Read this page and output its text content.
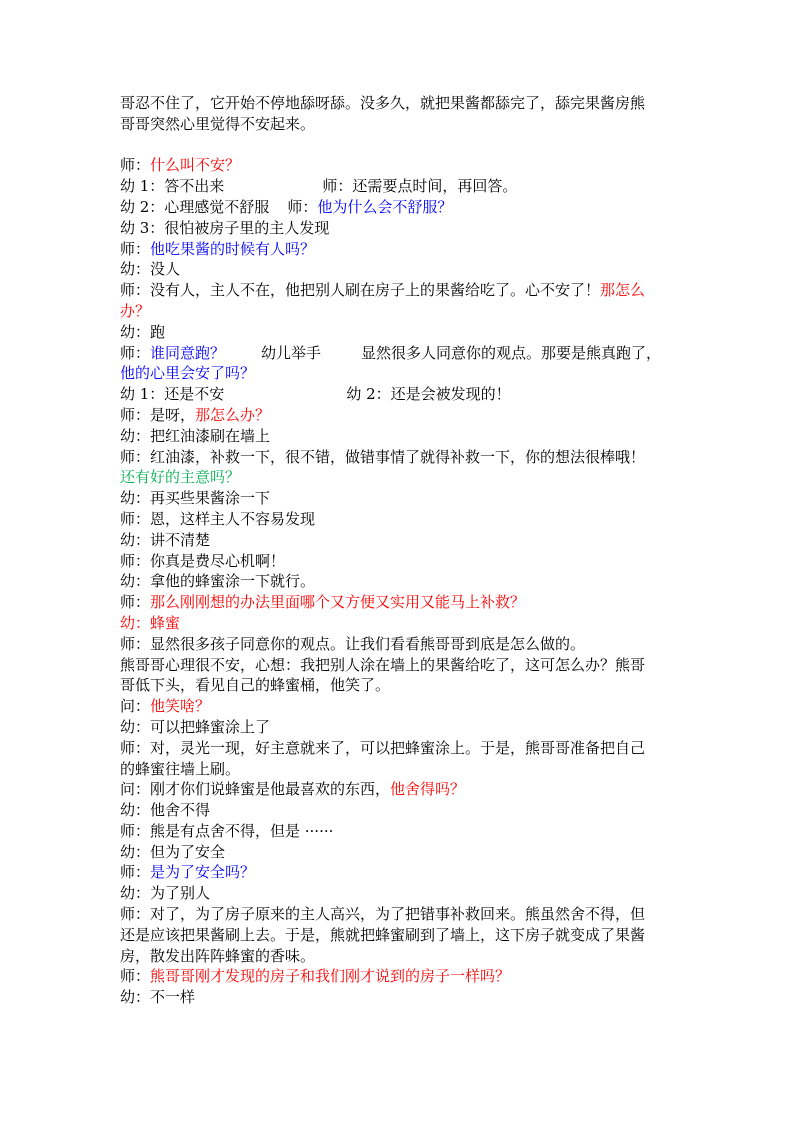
哥忍不住了，它开始不停地舔呀舔。没多久，就把果酱都舔完了，舔完果酱房熊
哥哥突然心里觉得不安起来。
师：什么叫不安？
幼 1：答不出来	师：还需要点时间，再回答。
幼 2：心理感觉不舒服 师：他为什么会不舒服？
幼 3：很怕被房子里的主人发现
师：他吃果酱的时候有人吗？
幼：没人
师：没有人，主人不在，他把别人刷在房子上的果酱给吃了。心不安了！那怎么
办？
幼：跑
师：谁同意跑？ 幼儿举手	显然很多人同意你的观点。那要是熊真跑了，
他的心里会安了吗？
幼 1：还是不安	幼 2：还是会被发现的！
师：是呀，那怎么办？
幼：把红油漆刷在墙上
师：红油漆，补救一下，很不错，做错事情了就得补救一下，你的想法很棒哦！
还有好的主意吗？
幼：再买些果酱涂一下
师：恩，这样主人不容易发现
幼：讲不清楚
师：你真是费尽心机啊！
幼：拿他的蜂蜜涂一下就行。
师：那么刚刚想的办法里面哪个又方便又实用又能马上补救？
幼：蜂蜜
师：显然很多孩子同意你的观点。让我们看看熊哥哥到底是怎么做的。
熊哥哥心理很不安，心想：我把别人涂在墙上的果酱给吃了，这可怎么办？熊哥
哥低下头，看见自己的蜂蜜桶，他笑了。
问：他笑啥？
幼：可以把蜂蜜涂上了
师：对，灵光一现，好主意就来了，可以把蜂蜜涂上。于是，熊哥哥准备把自己
的蜂蜜往墙上刷。
问：刚才你们说蜂蜜是他最喜欢的东西，他舍得吗？
幼：他舍不得
师：熊是有点舍不得，但是 ······
幼：但为了安全
师：是为了安全吗？
幼：为了别人
师：对了，为了房子原来的主人高兴，为了把错事补救回来。熊虽然舍不得，但
还是应该把果酱刷上去。于是，熊就把蜂蜜刷到了墙上，这下房子就变成了果酱
房，散发出阵阵蜂蜜的香味。
师：熊哥哥刚才发现的房子和我们刚才说到的房子一样吗？
幼：不一样
